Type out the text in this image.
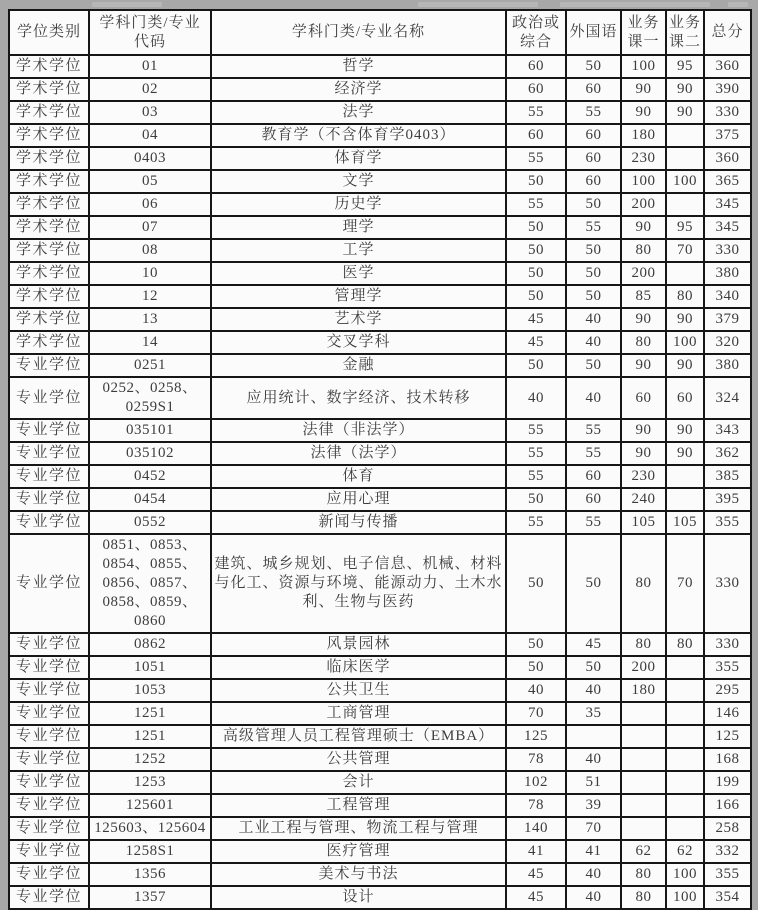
学位类别	学科门类/专业代码	学科门类/专业名称	政治或综合	外国语	业务课一	业务课二	总分
学术学位	01	哲学	60	50	100	95	360
学术学位	02	经济学	60	60	90	90	390
学术学位	03	法学	55	55	90	90	330
学术学位	04	教育学（不含体育学0403）	60	60	180		375
学术学位	0403	体育学	55	60	230		360
学术学位	05	文学	50	60	100	100	365
学术学位	06	历史学	55	50	200		345
学术学位	07	理学	50	55	90	95	345
学术学位	08	工学	50	50	80	70	330
学术学位	10	医学	50	50	200		380
学术学位	12	管理学	50	50	85	80	340
学术学位	13	艺术学	45	40	90	90	379
学术学位	14	交叉学科	45	40	80	100	320
专业学位	0251	金融	50	50	90	90	380
专业学位	0252、0258、0259S1	应用统计、数字经济、技术转移	40	40	60	60	324
专业学位	035101	法律（非法学）	55	55	90	90	343
专业学位	035102	法律（法学）	55	55	90	90	362
专业学位	0452	体育	55	60	230		385
专业学位	0454	应用心理	50	60	240		395
专业学位	0552	新闻与传播	55	55	105	105	355
专业学位	0851、0853、0854、0855、0856、0857、0858、0859、0860	建筑、城乡规划、电子信息、机械、材料与化工、资源与环境、能源动力、土木水利、生物与医药	50	50	80	70	330
专业学位	0862	风景园林	50	45	80	80	330
专业学位	1051	临床医学	50	50	200		355
专业学位	1053	公共卫生	40	40	180		295
专业学位	1251	工商管理	70	35			146
专业学位	1251	高级管理人员工程管理硕士（EMBA）	125				125
专业学位	1252	公共管理	78	40			168
专业学位	1253	会计	102	51			199
专业学位	125601	工程管理	78	39			166
专业学位	125603、125604	工业工程与管理、物流工程与管理	140	70			258
专业学位	1258S1	医疗管理	41	41	62	62	332
专业学位	1356	美术与书法	45	40	80	100	355
专业学位	1357	设计	45	40	80	100	354
